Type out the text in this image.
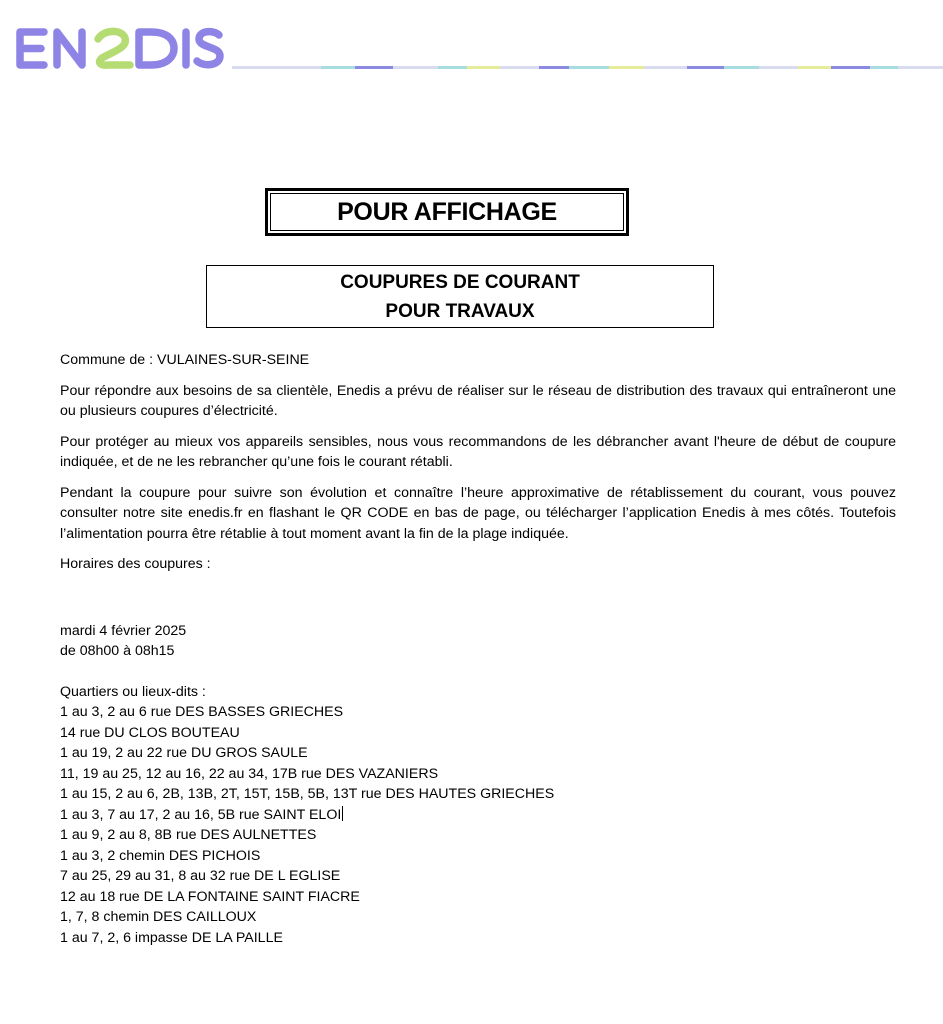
POUR AFFICHAGE
COUPURES DE COURANT
POUR TRAVAUX

Commune de : VULAINES-SUR-SEINE

Pour répondre aux besoins de sa clientèle, Enedis a prévu de réaliser sur le réseau de distribution des travaux qui entraîneront une ou plusieurs coupures d’électricité.

Pour protéger au mieux vos appareils sensibles, nous vous recommandons de les débrancher avant l'heure de début de coupure indiquée, et de ne les rebrancher qu’une fois le courant rétabli.

Pendant la coupure pour suivre son évolution et connaître l’heure approximative de rétablissement du courant, vous pouvez consulter notre site enedis.fr en flashant le QR CODE en bas de page, ou télécharger l’application Enedis à mes côtés. Toutefois l’alimentation pourra être rétablie à tout moment avant la fin de la plage indiquée.

Horaires des coupures :

mardi 4 février 2025

de 08h00 à 08h15

Quartiers ou lieux-dits :

1 au 3, 2 au 6 rue DES BASSES GRIECHES

14 rue DU CLOS BOUTEAU

1 au 19, 2 au 22 rue DU GROS SAULE

11, 19 au 25, 12 au 16, 22 au 34, 17B rue DES VAZANIERS

1 au 15, 2 au 6, 2B, 13B, 2T, 15T, 15B, 5B, 13T rue DES HAUTES GRIECHES

1 au 3, 7 au 17, 2 au 16, 5B rue SAINT ELOI

1 au 9, 2 au 8, 8B rue DES AULNETTES

1 au 3, 2 chemin DES PICHOIS

7 au 25, 29 au 31, 8 au 32 rue DE L EGLISE

12 au 18 rue DE LA FONTAINE SAINT FIACRE

1, 7, 8 chemin DES CAILLOUX

1 au 7, 2, 6 impasse DE LA PAILLE
